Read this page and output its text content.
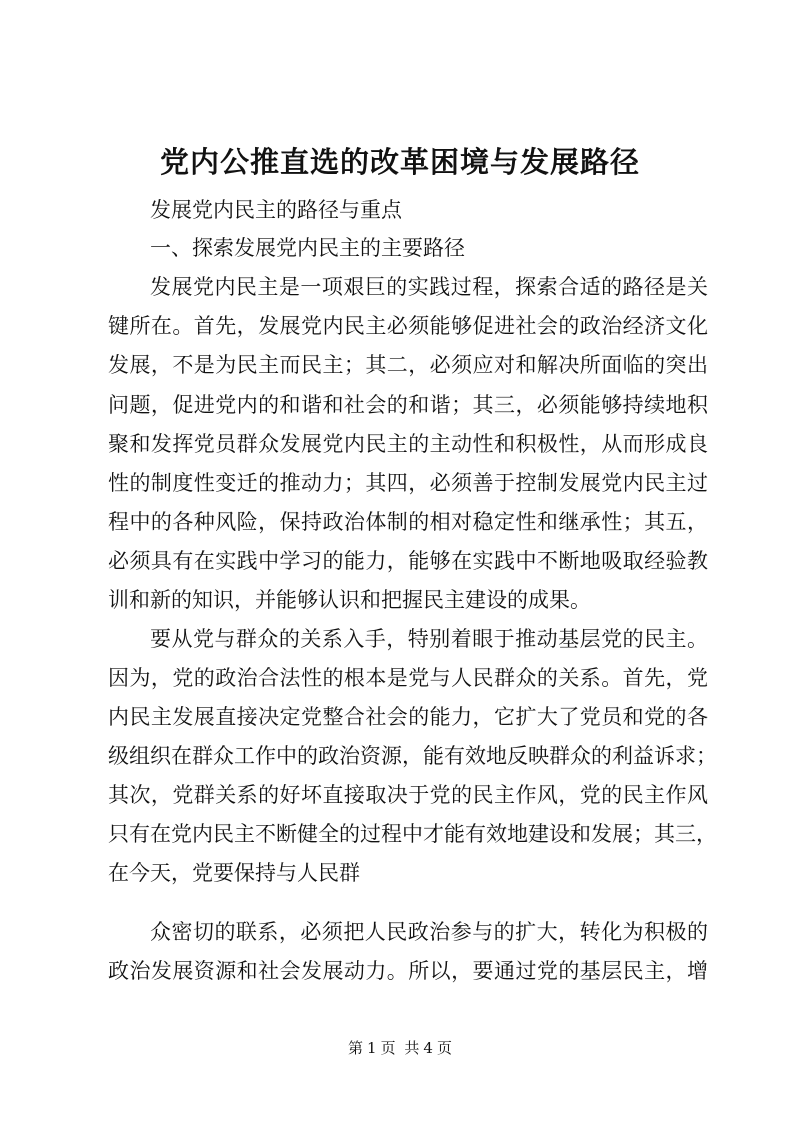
党内公推直选的改革困境与发展路径
发展党内民主的路径与重点
一、探索发展党内民主的主要路径
发展党内民主是一项艰巨的实践过程，探索合适的路径是关
键所在。首先，发展党内民主必须能够促进社会的政治经济文化
发展，不是为民主而民主；其二，必须应对和解决所面临的突出
问题，促进党内的和谐和社会的和谐；其三，必须能够持续地积
聚和发挥党员群众发展党内民主的主动性和积极性，从而形成良
性的制度性变迁的推动力；其四，必须善于控制发展党内民主过
程中的各种风险，保持政治体制的相对稳定性和继承性；其五，
必须具有在实践中学习的能力，能够在实践中不断地吸取经验教
训和新的知识，并能够认识和把握民主建设的成果。
要从党与群众的关系入手，特别着眼于推动基层党的民主。
因为，党的政治合法性的根本是党与人民群众的关系。首先，党
内民主发展直接决定党整合社会的能力，它扩大了党员和党的各
级组织在群众工作中的政治资源，能有效地反映群众的利益诉求；
其次，党群关系的好坏直接取决于党的民主作风，党的民主作风
只有在党内民主不断健全的过程中才能有效地建设和发展；其三，
在今天，党要保持与人民群
众密切的联系，必须把人民政治参与的扩大，转化为积极的
政治发展资源和社会发展动力。所以，要通过党的基层民主，增
第 1 页 共 4 页
